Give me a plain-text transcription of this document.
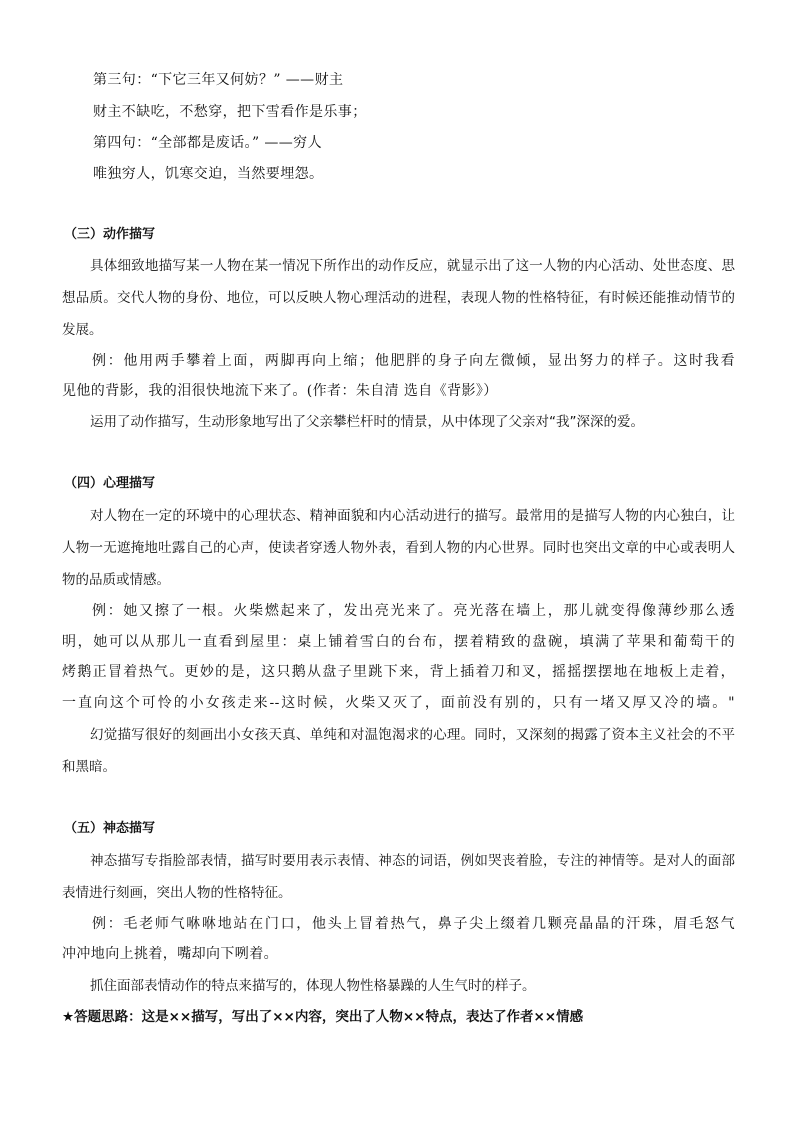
第三句：“下它三年又何妨？” ——财主
财主不缺吃，不愁穿，把下雪看作是乐事；
第四句：“全部都是废话。” ——穷人
唯独穷人，饥寒交迫，当然要埋怨。
（三）动作描写
具体细致地描写某一人物在某一情况下所作出的动作反应，就显示出了这一人物的内心活动、处世态度、思
想品质。交代人物的身份、地位，可以反映人物心理活动的进程，表现人物的性格特征，有时候还能推动情节的
发展。
例：他用两手攀着上面，两脚再向上缩；他肥胖的身子向左微倾，显出努力的样子。这时我看
见他的背影，我的泪很快地流下来了。(作者：朱自清 选自《背影》）
运用了动作描写，生动形象地写出了父亲攀栏杆时的情景，从中体现了父亲对“我”深深的爱。
（四）心理描写
对人物在一定的环境中的心理状态、精神面貌和内心活动进行的描写。最常用的是描写人物的内心独白，让
人物一无遮掩地吐露自己的心声，使读者穿透人物外表，看到人物的内心世界。同时也突出文章的中心或表明人
物的品质或情感。
例：她又擦了一根。火柴燃起来了，发出亮光来了。亮光落在墙上，那儿就变得像薄纱那么透
明，她可以从那儿一直看到屋里：桌上铺着雪白的台布，摆着精致的盘碗，填满了苹果和葡萄干的
烤鹅正冒着热气。更妙的是，这只鹅从盘子里跳下来，背上插着刀和叉，摇摇摆摆地在地板上走着，
一直向这个可怜的小女孩走来--这时候，火柴又灭了，面前没有别的，只有一堵又厚又冷的墙。"
幻觉描写很好的刻画出小女孩天真、单纯和对温饱渴求的心理。同时，又深刻的揭露了资本主义社会的不平
和黑暗。
（五）神态描写
神态描写专指脸部表情，描写时要用表示表情、神态的词语，例如哭丧着脸，专注的神情等。是对人的面部
表情进行刻画，突出人物的性格特征。
例：毛老师气咻咻地站在门口，他头上冒着热气，鼻子尖上缀着几颗亮晶晶的汗珠，眉毛怒气
冲冲地向上挑着，嘴却向下咧着。
抓住面部表情动作的特点来描写的，体现人物性格暴躁的人生气时的样子。
★答题思路：这是××描写，写出了××内容，突出了人物××特点，表达了作者××情感
